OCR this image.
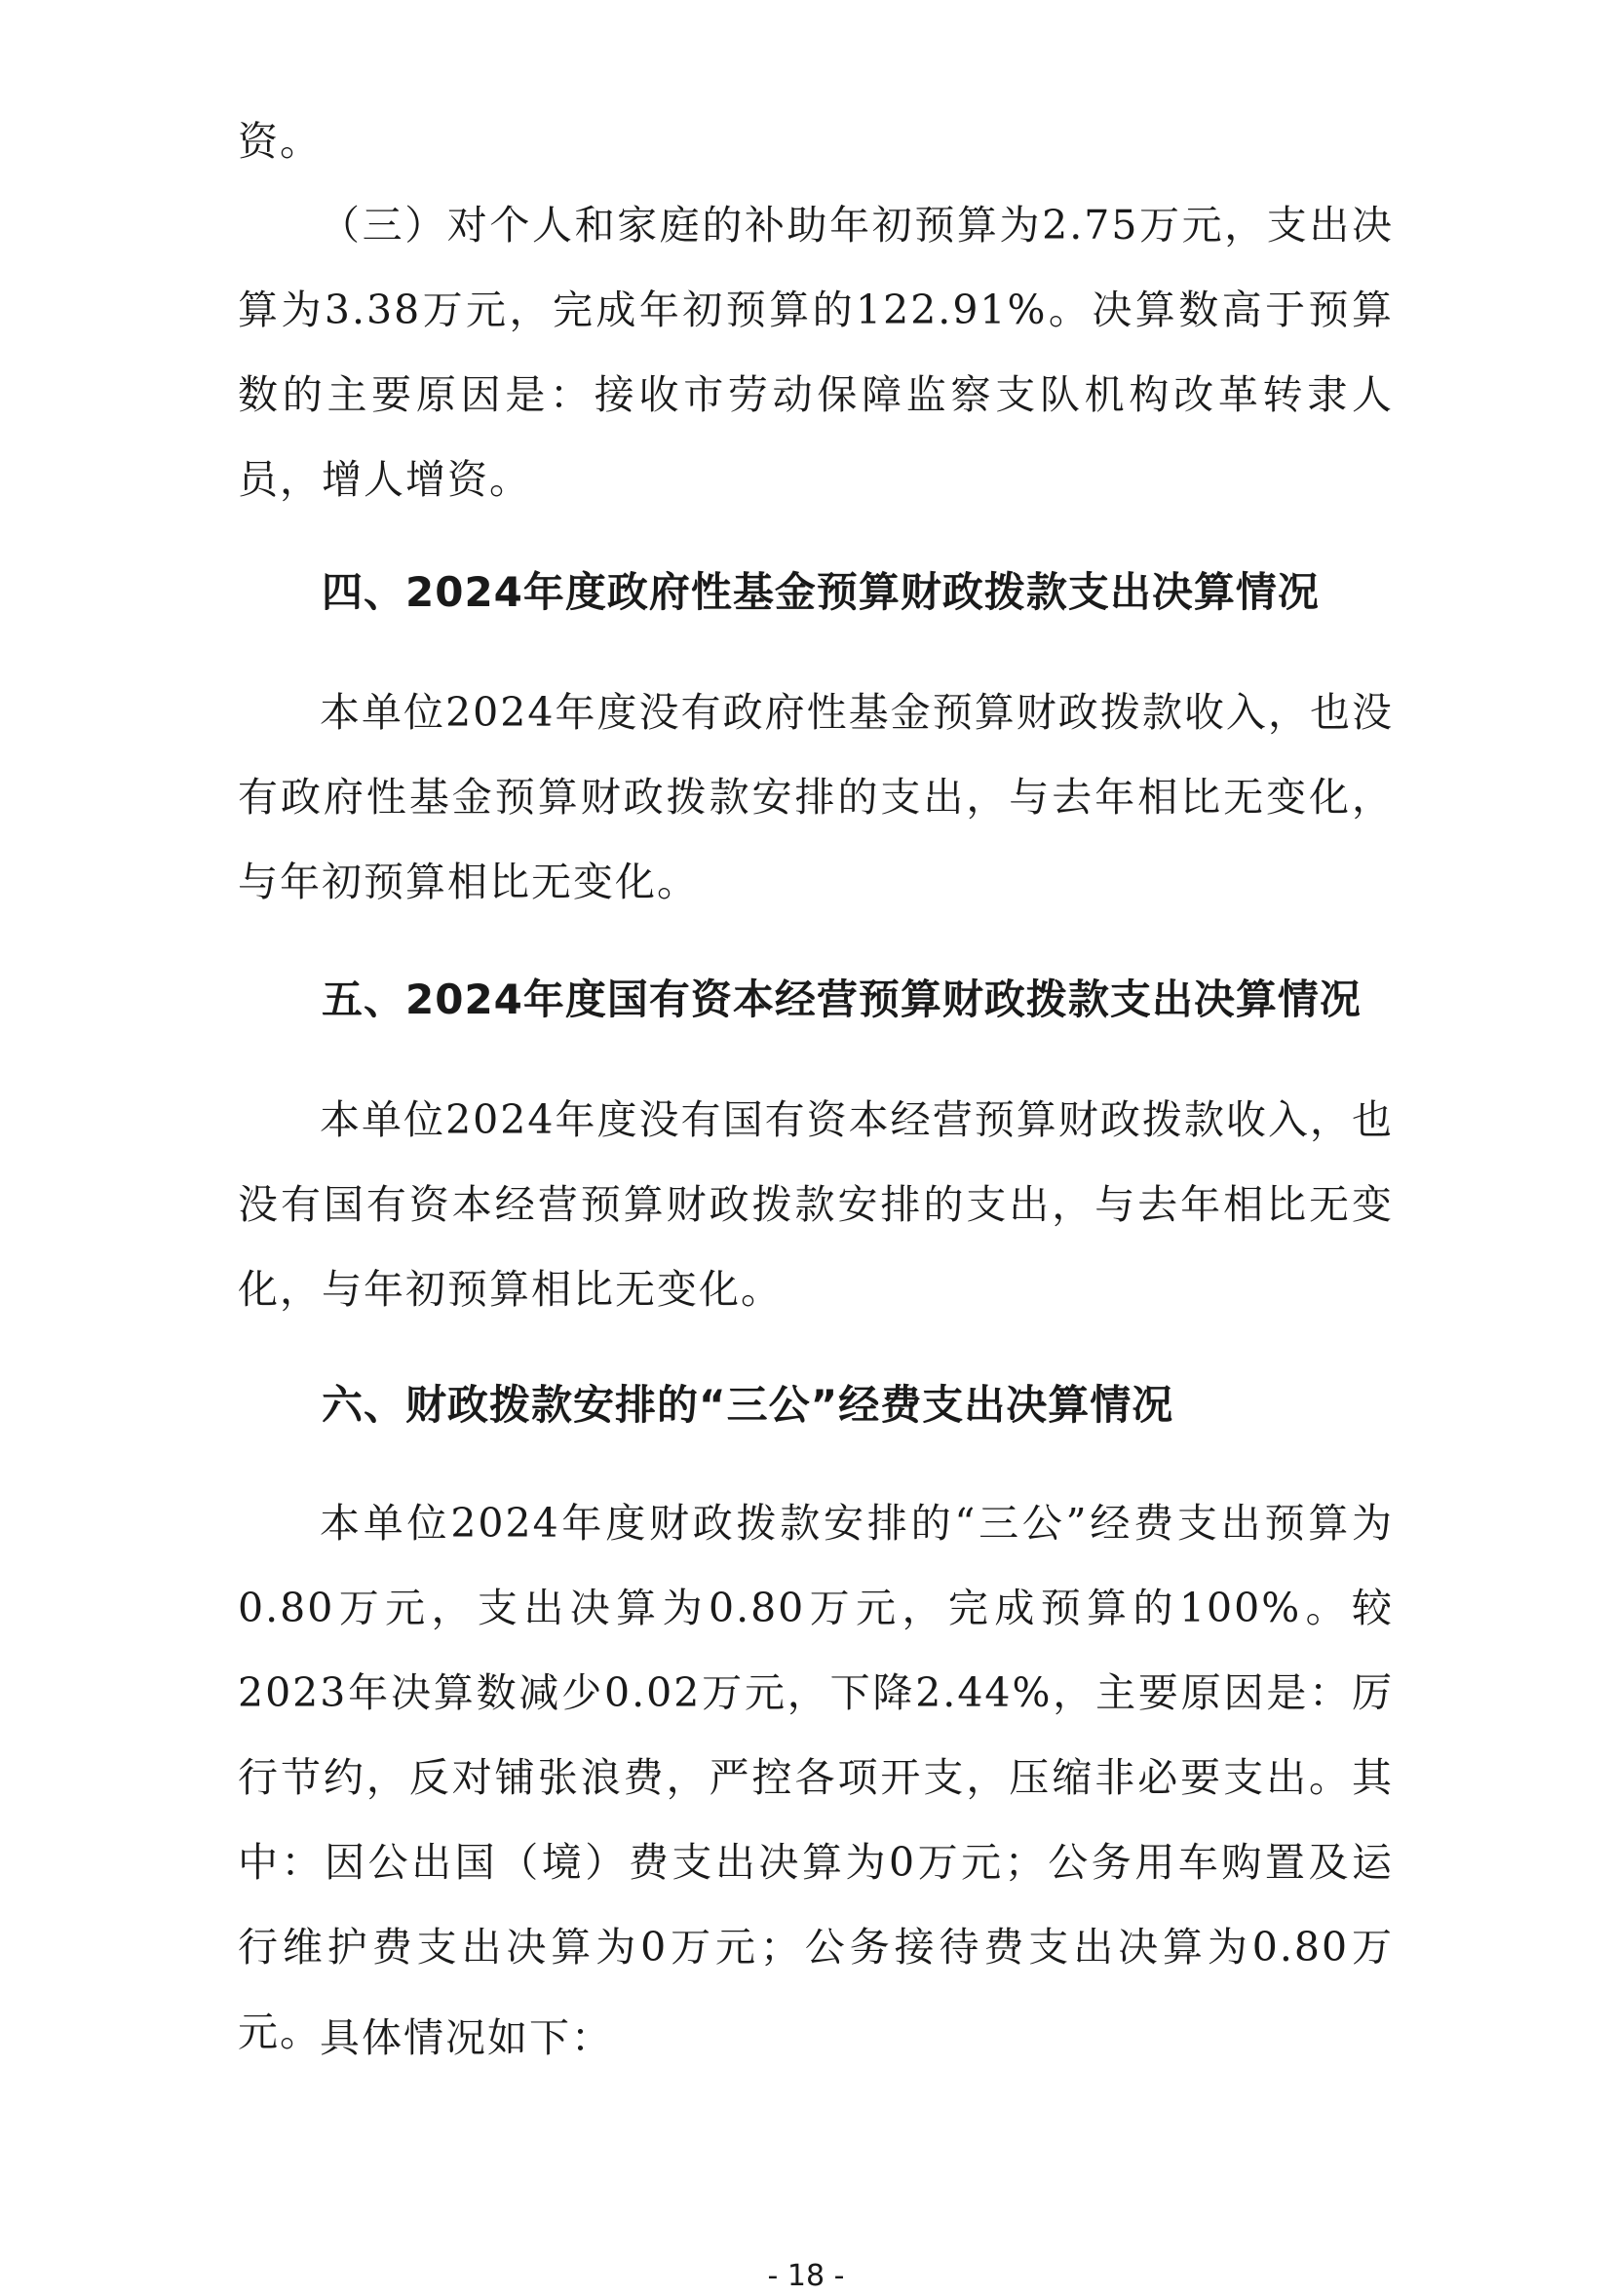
资。

（三）对个人和家庭的补助年初预算为2.75万元，支出决算为3.38万元，完成年初预算的122.91%。决算数高于预算数的主要原因是：接收市劳动保障监察支队机构改革转隶人员，增人增资。

四、2024年度政府性基金预算财政拨款支出决算情况

本单位2024年度没有政府性基金预算财政拨款收入，也没有政府性基金预算财政拨款安排的支出，与去年相比无变化，与年初预算相比无变化。

五、2024年度国有资本经营预算财政拨款支出决算情况

本单位2024年度没有国有资本经营预算财政拨款收入，也没有国有资本经营预算财政拨款安排的支出，与去年相比无变化，与年初预算相比无变化。

六、财政拨款安排的“三公”经费支出决算情况

本单位2024年度财政拨款安排的“三公”经费支出预算为0.80万元，支出决算为0.80万元，完成预算的100%。较2023年决算数减少0.02万元，下降2.44%，主要原因是：厉行节约，反对铺张浪费，严控各项开支，压缩非必要支出。其中：因公出国（境）费支出决算为0万元；公务用车购置及运行维护费支出决算为0万元；公务接待费支出决算为0.80万元。

具体情况如下：

- 18 -
